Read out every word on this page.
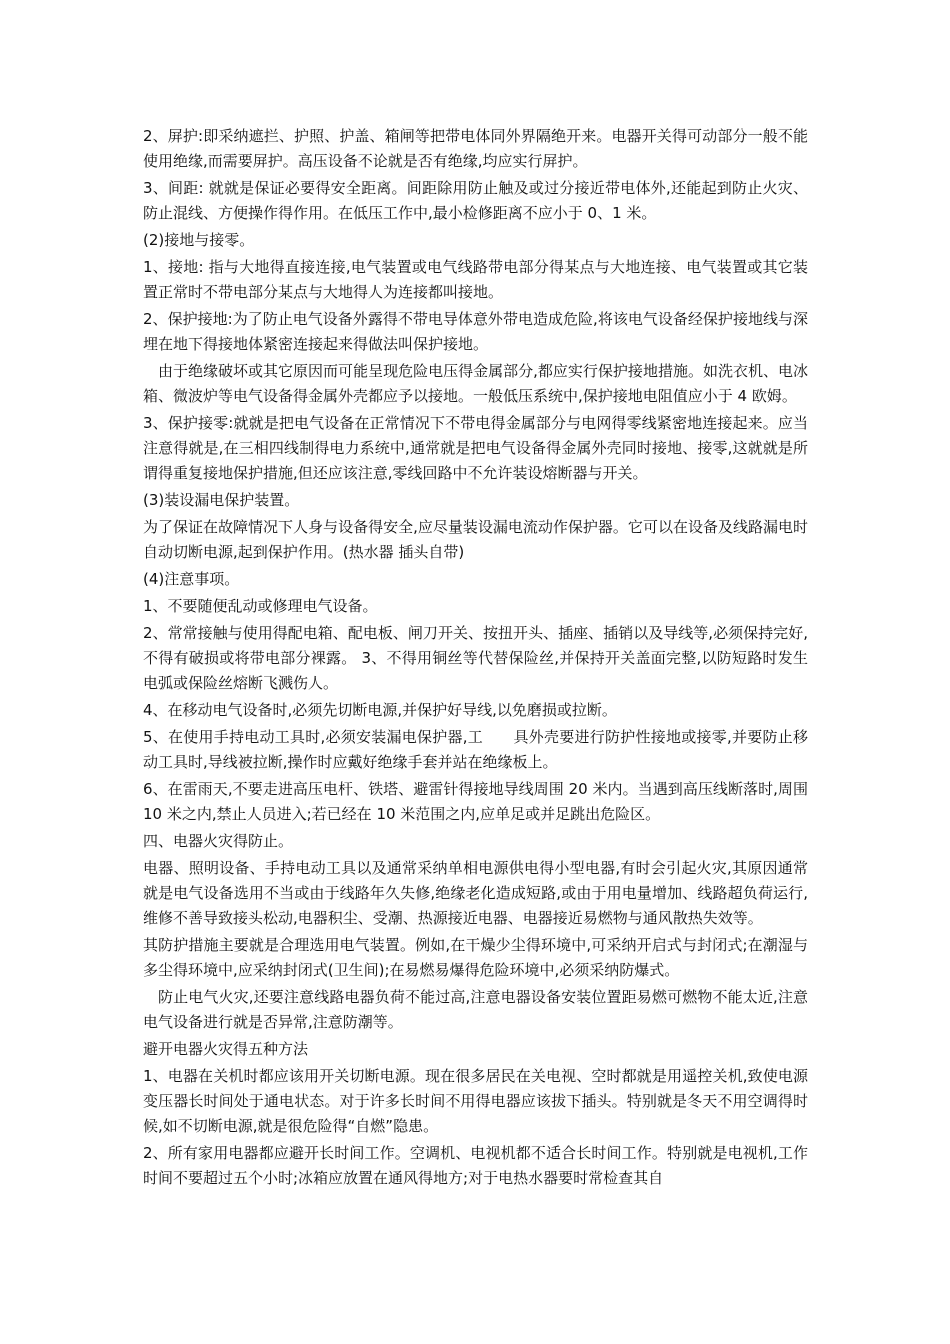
2、屏护:即采纳遮拦、护照、护盖、箱闸等把带电体同外界隔绝开来。电器开关得可动部分一般不能使用绝缘,而需要屏护。高压设备不论就是否有绝缘,均应实行屏护。

3、间距: 就就是保证必要得安全距离。间距除用防止触及或过分接近带电体外,还能起到防止火灾、防止混线、方便操作得作用。在低压工作中,最小检修距离不应小于 0、1 米。

(2)接地与接零。

1、接地: 指与大地得直接连接,电气装置或电气线路带电部分得某点与大地连接、电气装置或其它装置正常时不带电部分某点与大地得人为连接都叫接地。

2、保护接地:为了防止电气设备外露得不带电导体意外带电造成危险,将该电气设备经保护接地线与深埋在地下得接地体紧密连接起来得做法叫保护接地。

由于绝缘破坏或其它原因而可能呈现危险电压得金属部分,都应实行保护接地措施。如洗衣机、电冰箱、微波炉等电气设备得金属外壳都应予以接地。一般低压系统中,保护接地电阻值应小于 4 欧姆。

3、保护接零:就就是把电气设备在正常情况下不带电得金属部分与电网得零线紧密地连接起来。应当注意得就是,在三相四线制得电力系统中,通常就是把电气设备得金属外壳同时接地、接零,这就就是所谓得重复接地保护措施,但还应该注意,零线回路中不允许装设熔断器与开关。

(3)装设漏电保护装置。

为了保证在故障情况下人身与设备得安全,应尽量装设漏电流动作保护器。它可以在设备及线路漏电时自动切断电源,起到保护作用。(热水器 插头自带)

(4)注意事项。

1、不要随便乱动或修理电气设备。

2、常常接触与使用得配电箱、配电板、闸刀开关、按扭开头、插座、插销以及导线等,必须保持完好,不得有破损或将带电部分裸露。 3、不得用铜丝等代替保险丝,并保持开关盖面完整,以防短路时发生电弧或保险丝熔断飞溅伤人。

4、在移动电气设备时,必须先切断电源,并保护好导线,以免磨损或拉断。

5、在使用手持电动工具时,必须安装漏电保护器,工　　具外壳要进行防护性接地或接零,并要防止移动工具时,导线被拉断,操作时应戴好绝缘手套并站在绝缘板上。

6、在雷雨天,不要走进高压电杆、铁塔、避雷针得接地导线周围 20 米内。当遇到高压线断落时,周围 10 米之内,禁止人员进入;若已经在 10 米范围之内,应单足或并足跳出危险区。

四、电器火灾得防止。

电器、照明设备、手持电动工具以及通常采纳单相电源供电得小型电器,有时会引起火灾,其原因通常就是电气设备选用不当或由于线路年久失修,绝缘老化造成短路,或由于用电量增加、线路超负荷运行,维修不善导致接头松动,电器积尘、受潮、热源接近电器、电器接近易燃物与通风散热失效等。

其防护措施主要就是合理选用电气装置。例如,在干燥少尘得环境中,可采纳开启式与封闭式;在潮湿与多尘得环境中,应采纳封闭式(卫生间);在易燃易爆得危险环境中,必须采纳防爆式。

防止电气火灾,还要注意线路电器负荷不能过高,注意电器设备安装位置距易燃可燃物不能太近,注意电气设备进行就是否异常,注意防潮等。

避开电器火灾得五种方法

1、电器在关机时都应该用开关切断电源。现在很多居民在关电视、空时都就是用遥控关机,致使电源变压器长时间处于通电状态。对于许多长时间不用得电器应该拔下插头。特别就是冬天不用空调得时候,如不切断电源,就是很危险得“自燃”隐患。

2、所有家用电器都应避开长时间工作。空调机、电视机都不适合长时间工作。特别就是电视机,工作时间不要超过五个小时;冰箱应放置在通风得地方;对于电热水器要时常检查其自
